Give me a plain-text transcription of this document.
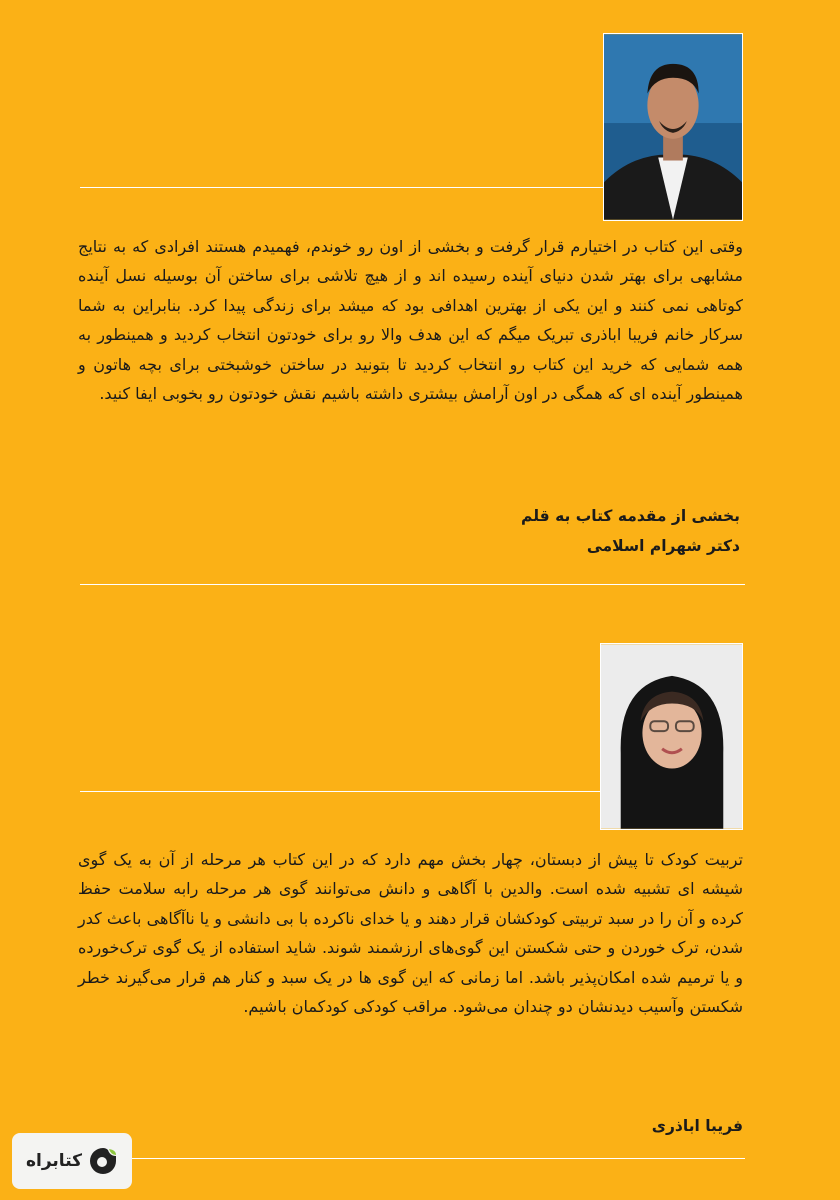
وقتی این کتاب در اختیارم قرار گرفت و بخشی از اون رو خوندم، فهمیدم هستند افرادی که به نتایج مشابهی برای بهتر شدن دنیای آینده رسیده اند و از هیچ تلاشی برای ساختن آن بوسیله نسل آینده کوتاهی نمی کنند و این یکی از بهترین اهدافی بود که میشد برای زندگی پیدا کرد. بنابراین به شما سرکار خانم فریبا اباذری تبریک میگم که این هدف والا رو برای خودتون انتخاب کردید و همینطور به همه شمایی که خرید این کتاب رو انتخاب کردید تا بتونید در ساختن خوشبختی برای بچه هاتون و همینطور آینده ای که همگی در اون آرامش بیشتری داشته باشیم نقش خودتون رو بخوبی ایفا کنید.

بخشی از مقدمه کتاب به قلم

دکتر شهرام اسلامی

تربیت کودک تا پیش از دبستان، چهار بخش مهم دارد که در این کتاب هر مرحله از آن به یک گوی شیشه ای تشبیه شده است. والدین با آگاهی و دانش می‌توانند گوی هر مرحله رابه سلامت حفظ کرده و آن را در سبد تربیتی کودکشان قرار دهند و یا خدای ناکرده با بی دانشی و یا ناآگاهی باعث کدر شدن، ترک خوردن و حتی شکستن این گوی‌های ارزشمند شوند. شاید استفاده از یک گوی ترک‌خورده و یا ترمیم شده امکان‌پذیر باشد. اما زمانی که این گوی ها در یک سبد و کنار هم قرار می‌گیرند خطر شکستن وآسیب دیدنشان دو چندان می‌شود. مراقب کودکی کودکمان باشیم.

فریبا اباذری

کتابراه
